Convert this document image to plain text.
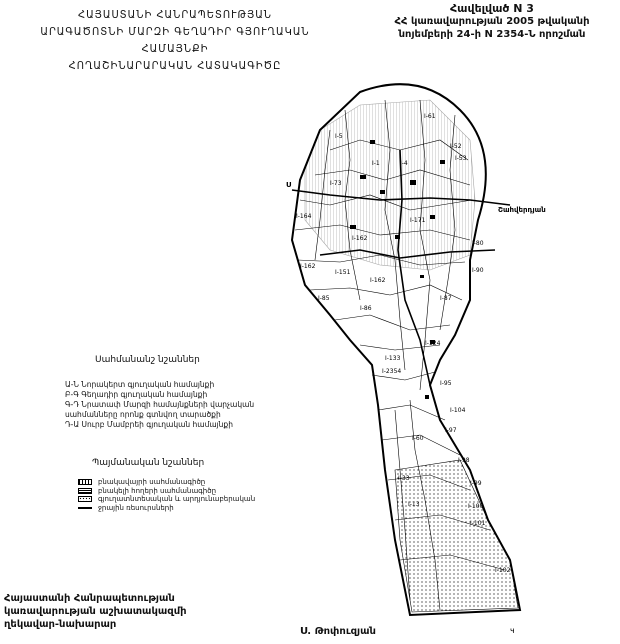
ՀԱՅԱՍՏԱՆԻ ՀԱՆՐԱՊԵՏՈՒԹՅԱՆ
ԱՐԱԳԱԾՈՏՆԻ ՄԱՐԶԻ ԳԵՂԱԴԻՐ ԳՅՈՒՂԱԿԱՆ ՀԱՄԱՅՆՔԻ
ՀՈՂԱՇԻՆԱՐԱՐԱԿԱՆ ՀԱՏԱԿԱԳԻԾԸ
Հավելված N 3
ՀՀ կառավարության 2005 թվականի
նոյեմբերի 24-ի N 2354-Ն որոշման
I-5
I-61
I-52
I-1
I-53
I-73
I-4
I-164
I-171
I-162
I-151
I-162
I-85
I-86
I-87
I-90
I-133
I-124
I-95
I-97
I-98
I-99
I-100
I-101
I-102
I-33
I-2354
I-80
I-104
I-13
I-162
I-60
Ս
Շահվերդյան
ч
Սահմանանշ նշաններ
Ա-Ն Նորակերտ գյուղական համայնքի
Բ-Գ Գեղադիր գյուղական համայնքի
Գ-Դ Նրատափ Մարզի համայնքների վարչական
սահմանները որոնք գտնվող տարածքի
Դ-Ա Սուրբ Մամբրեի գյուղական համայնքի
Պայմանական նշաններ
բնակավայրի սահմանագիծը
բնակելի հողերի սահմանագիծը
գյուղատնտեսական և արդյունաբերական
ջրային ռեսուրսների
Հայաստանի Հանրապետության
կառավարության աշխատակազմի
ղեկավար-նախարար
Ս. Թոփուզյան
